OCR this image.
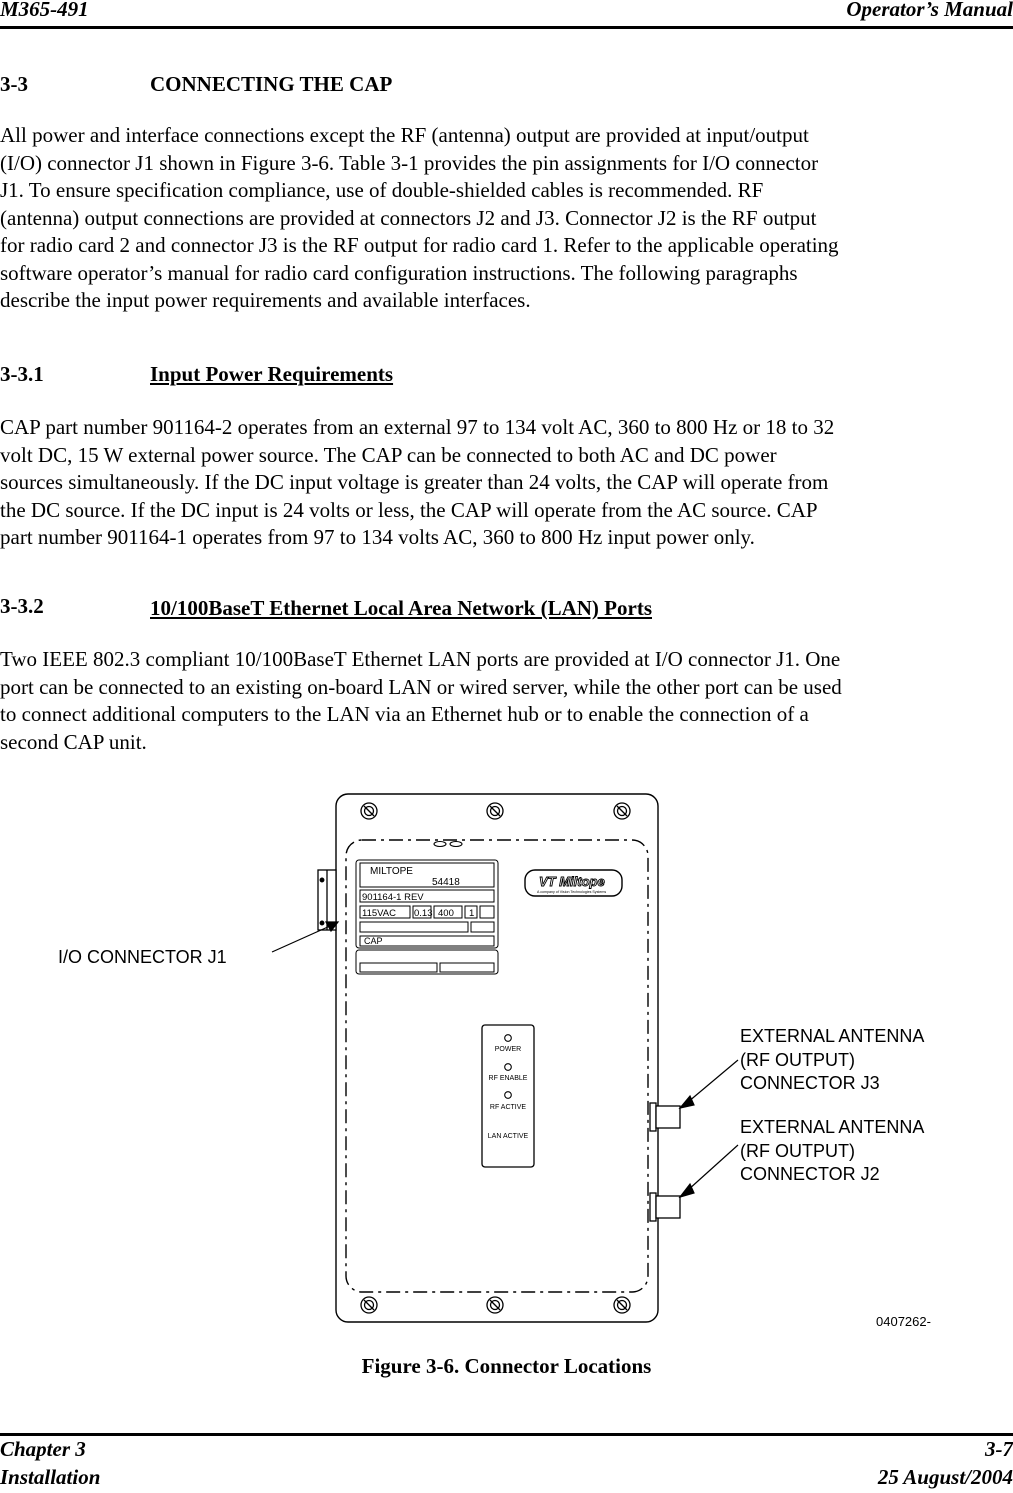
M365-491	Operator’s Manual
3-3	CONNECTING THE CAP
All power and interface connections except the RF (antenna) output are provided at input/output
(I/O) connector J1 shown in Figure 3-6. Table 3-1 provides the pin assignments for I/O connector
J1. To ensure specification compliance, use of double-shielded cables is recommended. RF
(antenna) output connections are provided at connectors J2 and J3. Connector J2 is the RF output
for radio card 2 and connector J3 is the RF output for radio card 1. Refer to the applicable operating
software operator’s manual for radio card configuration instructions. The following paragraphs
describe the input power requirements and available interfaces.
3-3.1	Input Power Requirements
CAP part number 901164-2 operates from an external 97 to 134 volt AC, 360 to 800 Hz or 18 to 32
volt DC, 15 W external power source. The CAP can be connected to both AC and DC power
sources simultaneously. If the DC input voltage is greater than 24 volts, the CAP will operate from
the DC source. If the DC input is 24 volts or less, the CAP will operate from the AC source. CAP
part number 901164-1 operates from 97 to 134 volts AC, 360 to 800 Hz input power only.
3-3.2	10/100BaseT Ethernet Local Area Network (LAN) Ports
Two IEEE 802.3 compliant 10/100BaseT Ethernet LAN ports are provided at I/O connector J1. One
port can be connected to an existing on-board LAN or wired server, while the other port can be used
to connect additional computers to the LAN via an Ethernet hub or to enable the connection of a
second CAP unit.
MILTOPE
54418
901164-1 REV
115VAC 0.13 400 1
CAP
VT Miltope
A company of Vision Technologies Systems
POWER
RF ENABLE
RF ACTIVE
LAN ACTIVE
I/O CONNECTOR J1
EXTERNAL ANTENNA
(RF OUTPUT)
CONNECTOR J3
EXTERNAL ANTENNA
(RF OUTPUT)
CONNECTOR J2
0407262-
Figure 3-6. Connector Locations
Chapter 3	3-7
Installation	25 August/2004
